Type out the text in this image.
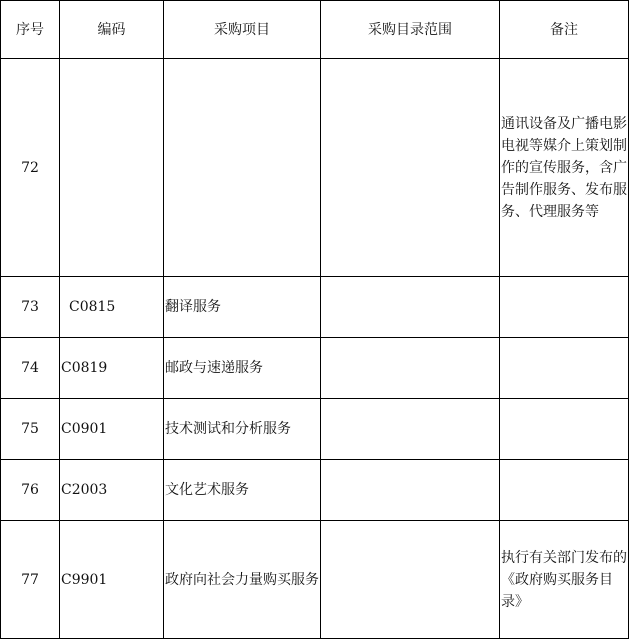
序号	编码	采购项目	采购目录范围	备注
72				通讯设备及广播电影电视等媒介上策划制作的宣传服务，含广告制作服务、发布服务、代理服务等

73	C0815	翻译服务		
74	C0819	邮政与速递服务		
75	C0901	技术测试和分析服务		
76	C2003	文化艺术服务		
77	C9901	政府向社会力量购买服务		执行有关部门发布的《政府购买服务目录》
